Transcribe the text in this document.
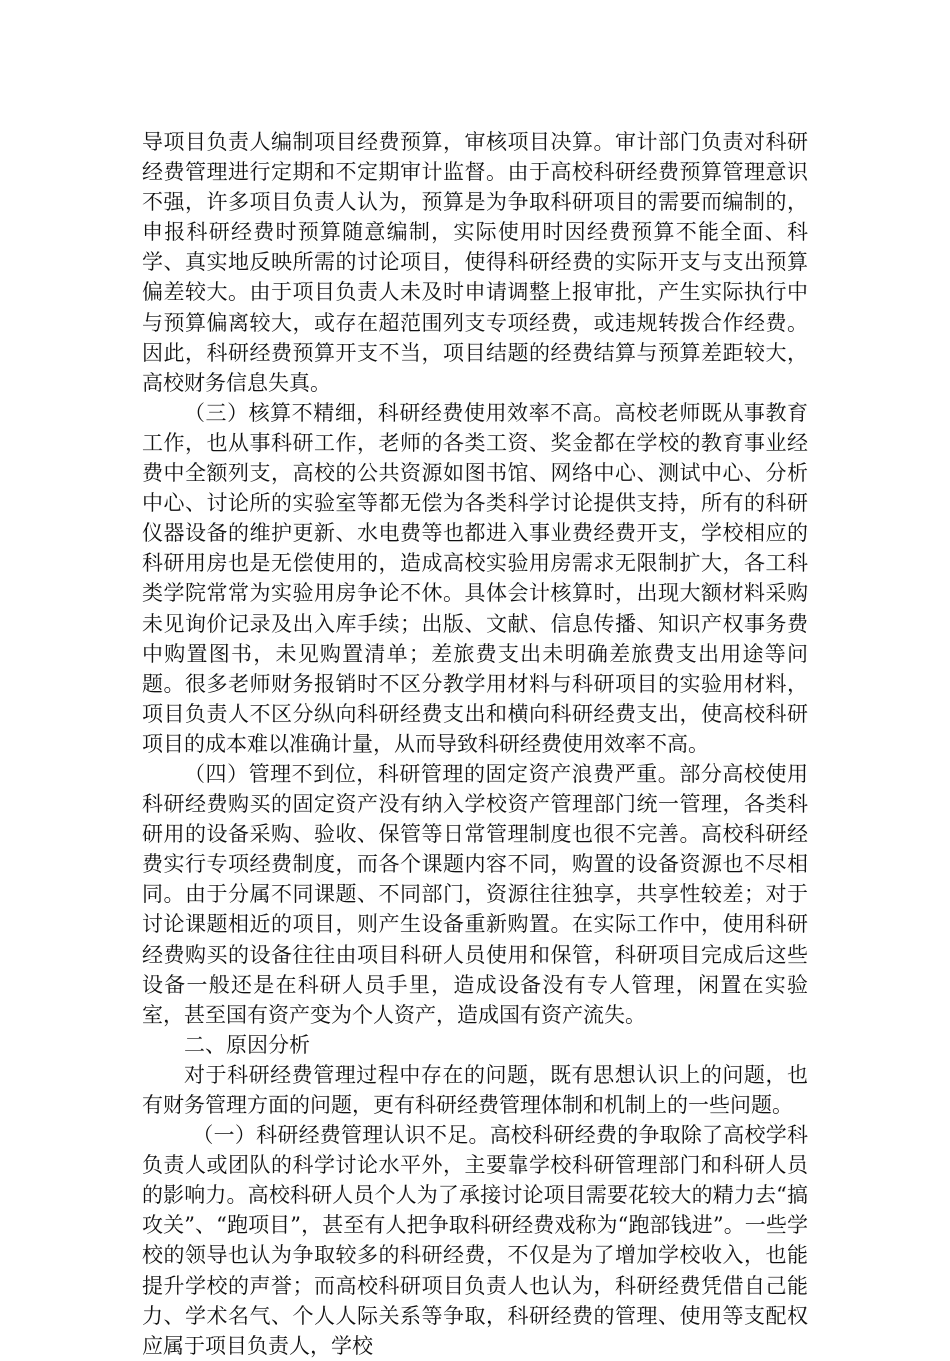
导项目负责人编制项目经费预算，审核项目决算。审计部门负责对科研经费管理进行定期和不定期审计监督。由于高校科研经费预算管理意识不强，许多项目负责人认为，预算是为争取科研项目的需要而编制的，申报科研经费时预算随意编制，实际使用时因经费预算不能全面、科学、真实地反映所需的讨论项目，使得科研经费的实际开支与支出预算偏差较大。由于项目负责人未及时申请调整上报审批，产生实际执行中与预算偏离较大，或存在超范围列支专项经费，或违规转拨合作经费。因此，科研经费预算开支不当，项目结题的经费结算与预算差距较大，高校财务信息失真。

（三）核算不精细，科研经费使用效率不高。高校老师既从事教育工作，也从事科研工作，老师的各类工资、奖金都在学校的教育事业经费中全额列支，高校的公共资源如图书馆、网络中心、测试中心、分析中心、讨论所的实验室等都无偿为各类科学讨论提供支持，所有的科研仪器设备的维护更新、水电费等也都进入事业费经费开支，学校相应的科研用房也是无偿使用的，造成高校实验用房需求无限制扩大，各工科类学院常常为实验用房争论不休。具体会计核算时，出现大额材料采购未见询价记录及出入库手续；出版、文献、信息传播、知识产权事务费中购置图书，未见购置清单；差旅费支出未明确差旅费支出用途等问题。很多老师财务报销时不区分教学用材料与科研项目的实验用材料，项目负责人不区分纵向科研经费支出和横向科研经费支出，使高校科研项目的成本难以准确计量，从而导致科研经费使用效率不高。

（四）管理不到位，科研管理的固定资产浪费严重。部分高校使用科研经费购买的固定资产没有纳入学校资产管理部门统一管理，各类科研用的设备采购、验收、保管等日常管理制度也很不完善。高校科研经费实行专项经费制度，而各个课题内容不同，购置的设备资源也不尽相同。由于分属不同课题、不同部门，资源往往独享，共享性较差；对于讨论课题相近的项目，则产生设备重新购置。在实际工作中，使用科研经费购买的设备往往由项目科研人员使用和保管，科研项目完成后这些设备一般还是在科研人员手里，造成设备没有专人管理，闲置在实验室，甚至国有资产变为个人资产，造成国有资产流失。

二、原因分析

对于科研经费管理过程中存在的问题，既有思想认识上的问题，也有财务管理方面的问题，更有科研经费管理体制和机制上的一些问题。

（一）科研经费管理认识不足。高校科研经费的争取除了高校学科负责人或团队的科学讨论水平外，主要靠学校科研管理部门和科研人员的影响力。高校科研人员个人为了承接讨论项目需要花较大的精力去“搞攻关”、“跑项目”，甚至有人把争取科研经费戏称为“跑部钱进”。一些学校的领导也认为争取较多的科研经费，不仅是为了增加学校收入，也能提升学校的声誉；而高校科研项目负责人也认为，科研经费凭借自己能力、学术名气、个人人际关系等争取，科研经费的管理、使用等支配权应属于项目负责人，学校
